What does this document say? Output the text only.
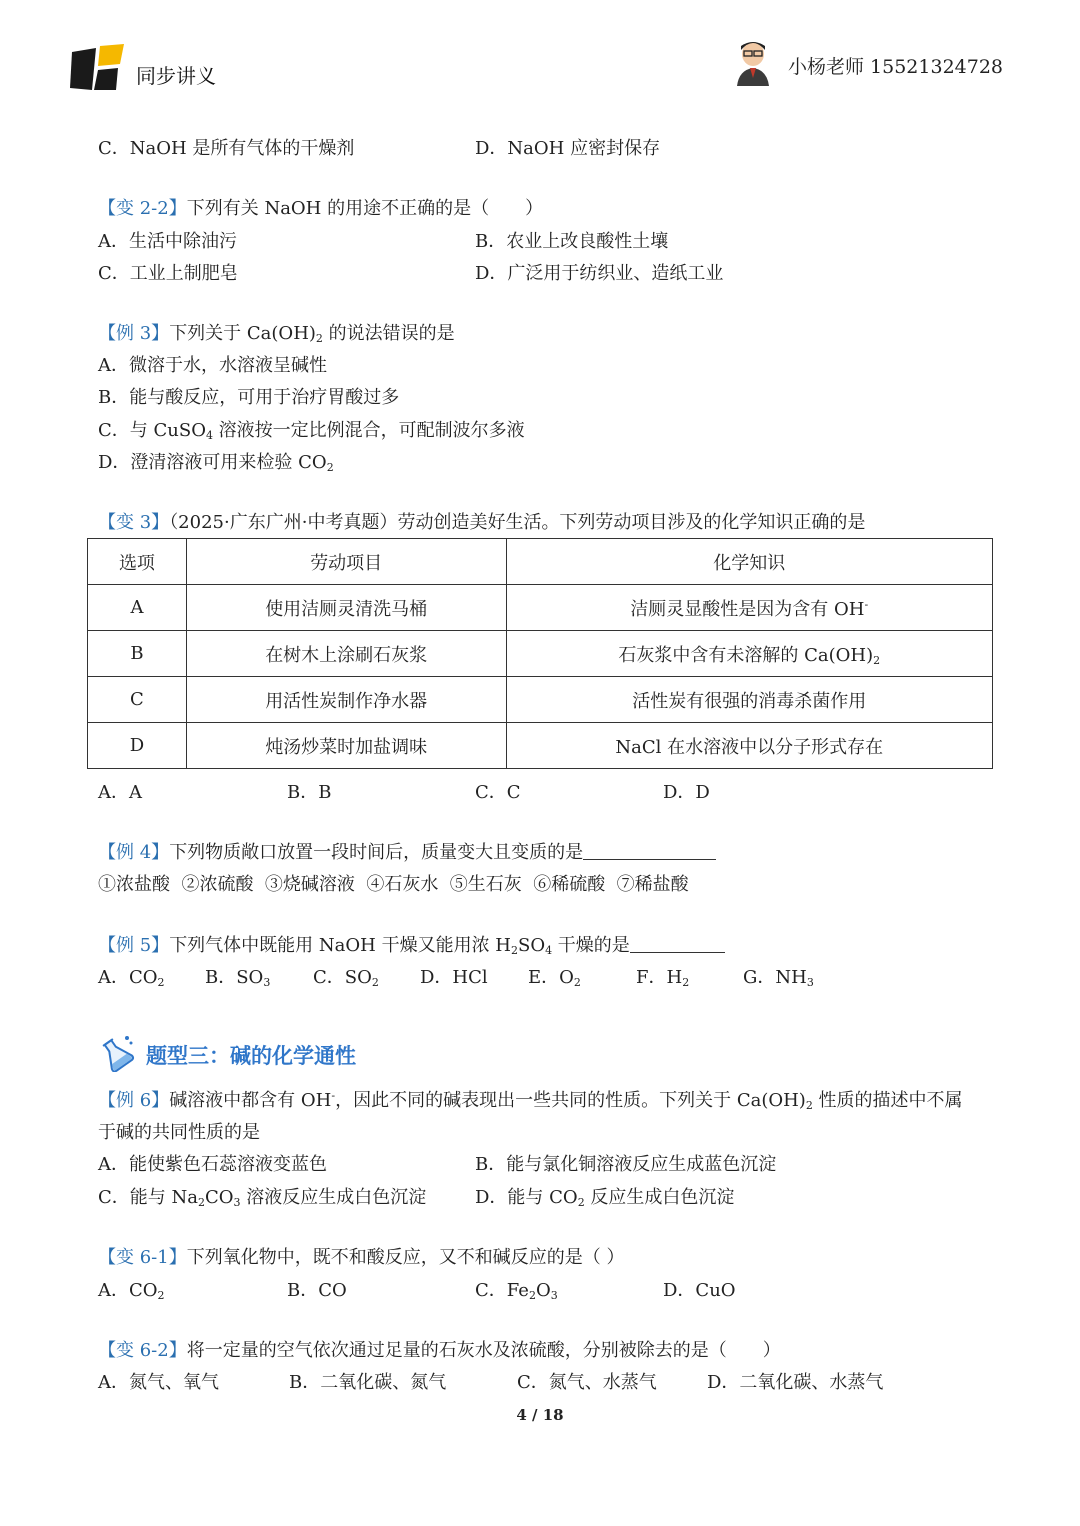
同步讲义	小杨老师 15521324728
C．NaOH 是所有气体的干燥剂	D．NaOH 应密封保存
【变 2-2】下列有关 NaOH 的用途不正确的是（　　）
A．生活中除油污	B．农业上改良酸性土壤
C．工业上制肥皂	D．广泛用于纺织业、造纸工业
【例 3】下列关于 $Ca(OH)_2$ 的说法错误的是
A．微溶于水，水溶液呈碱性
B．能与酸反应，可用于治疗胃酸过多
C．与 CuSO$_4$ 溶液按一定比例混合，可配制波尔多液
D．澄清溶液可用来检验 $CO_2$
【变 3】（2025·广东广州·中考真题）劳动创造美好生活。下列劳动项目涉及的化学知识正确的是
选项	劳动项目	化学知识
A	使用洁厕灵清洗马桶	洁厕灵显酸性是因为含有 OH-
B	在树木上涂刷石灰浆	石灰浆中含有未溶解的 $Ca(OH)_2$
C	用活性炭制作净水器	活性炭有很强的消毒杀菌作用
D	炖汤炒菜时加盐调味	NaCl 在水溶液中以分子形式存在
A．A	B．B	C．C	D．D
【例 4】下列物质敞口放置一段时间后，质量变大且变质的是
①浓盐酸  ②浓硫酸  ③烧碱溶液  ④石灰水  ⑤生石灰  ⑥稀硫酸  ⑦稀盐酸
【例 5】下列气体中既能用 NaOH 干燥又能用浓 $H_2SO_4$ 干燥的是
A．$CO_2$ B．$SO_3$ C．$SO_2$ D．HCl E．$O_2$	F．$H_2$	G．$NH_3$
题型三：碱的化学通性
【例 6】碱溶液中都含有 OH-，因此不同的碱表现出一些共同的性质。下列关于 $Ca(OH)_2$ 性质的描述中不属
于碱的共同性质的是
A．能使紫色石蕊溶液变蓝色	B．能与氯化铜溶液反应生成蓝色沉淀
C．能与 $Na_2CO_3$ 溶液反应生成白色沉淀	D．能与 $CO_2$ 反应生成白色沉淀
【变 6-1】下列氧化物中，既不和酸反应，又不和碱反应的是（ ）
A．$CO_2$	B．CO	C．$Fe_2O_3$	D．CuO
【变 6-2】将一定量的空气依次通过足量的石灰水及浓硫酸，分别被除去的是（　　）
A．氮气、氧气	B．二氧化碳、氮气	C．氮气、水蒸气	D．二氧化碳、水蒸气
4 / 18
